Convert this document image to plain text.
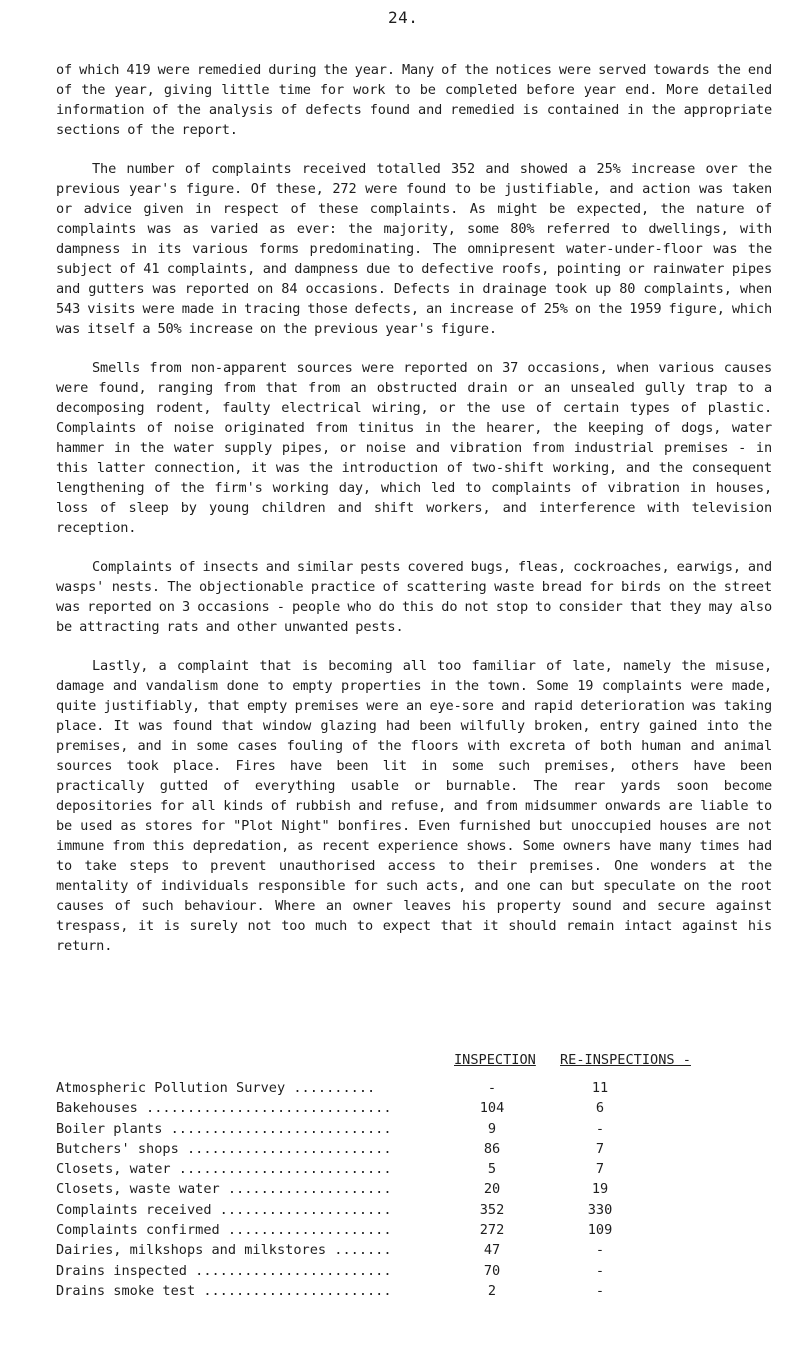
24.

of which 419 were remedied during the year. Many of the notices were served towards the end of the year, giving little time for work to be completed before year end. More detailed information of the analysis of defects found and remedied is contained in the appropriate sections of the report.

The number of complaints received totalled 352 and showed a 25% increase over the previous year's figure. Of these, 272 were found to be justifiable, and action was taken or advice given in respect of these complaints. As might be expected, the nature of complaints was as varied as ever: the majority, some 80% referred to dwellings, with dampness in its various forms predominating. The omnipresent water-under-floor was the subject of 41 complaints, and dampness due to defective roofs, pointing or rainwater pipes and gutters was reported on 84 occasions. Defects in drainage took up 80 complaints, when 543 visits were made in tracing those defects, an increase of 25% on the 1959 figure, which was itself a 50% increase on the previous year's figure.

Smells from non-apparent sources were reported on 37 occasions, when various causes were found, ranging from that from an obstructed drain or an unsealed gully trap to a decomposing rodent, faulty electrical wiring, or the use of certain types of plastic. Complaints of noise originated from tinitus in the hearer, the keeping of dogs, water hammer in the water supply pipes, or noise and vibration from industrial premises - in this latter connection, it was the introduction of two-shift working, and the consequent lengthening of the firm's working day, which led to complaints of vibration in houses, loss of sleep by young children and shift workers, and interference with television reception.

Complaints of insects and similar pests covered bugs, fleas, cockroaches, earwigs, and wasps' nests. The objectionable practice of scattering waste bread for birds on the street was reported on 3 occasions - people who do this do not stop to consider that they may also be attracting rats and other unwanted pests.

Lastly, a complaint that is becoming all too familiar of late, namely the misuse, damage and vandalism done to empty properties in the town. Some 19 complaints were made, quite justifiably, that empty premises were an eye-sore and rapid deterioration was taking place. It was found that window glazing had been wilfully broken, entry gained into the premises, and in some cases fouling of the floors with excreta of both human and animal sources took place. Fires have been lit in some such premises, others have been practically gutted of everything usable or burnable. The rear yards soon become depositories for all kinds of rubbish and refuse, and from midsummer onwards are liable to be used as stores for "Plot Night" bonfires. Even furnished but unoccupied houses are not immune from this depredation, as recent experience shows. Some owners have many times had to take steps to prevent unauthorised access to their premises. One wonders at the mentality of individuals responsible for such acts, and one can but speculate on the root causes of such behaviour. Where an owner leaves his property sound and secure against trespass, it is surely not too much to expect that it should remain intact against his return.

INSPECTION RE-INSPECTIONS -
Atmospheric Pollution Survey ..........	-	11
Bakehouses ..............................	104	6
Boiler plants ...........................	9	-
Butchers' shops .........................	86	7
Closets, water ..........................	5	7
Closets, waste water ....................	20	19
Complaints received .....................	352	330
Complaints confirmed ....................	272	109
Dairies, milkshops and milkstores .......	47	-
Drains inspected ........................	70	-
Drains smoke test .......................	2	-
